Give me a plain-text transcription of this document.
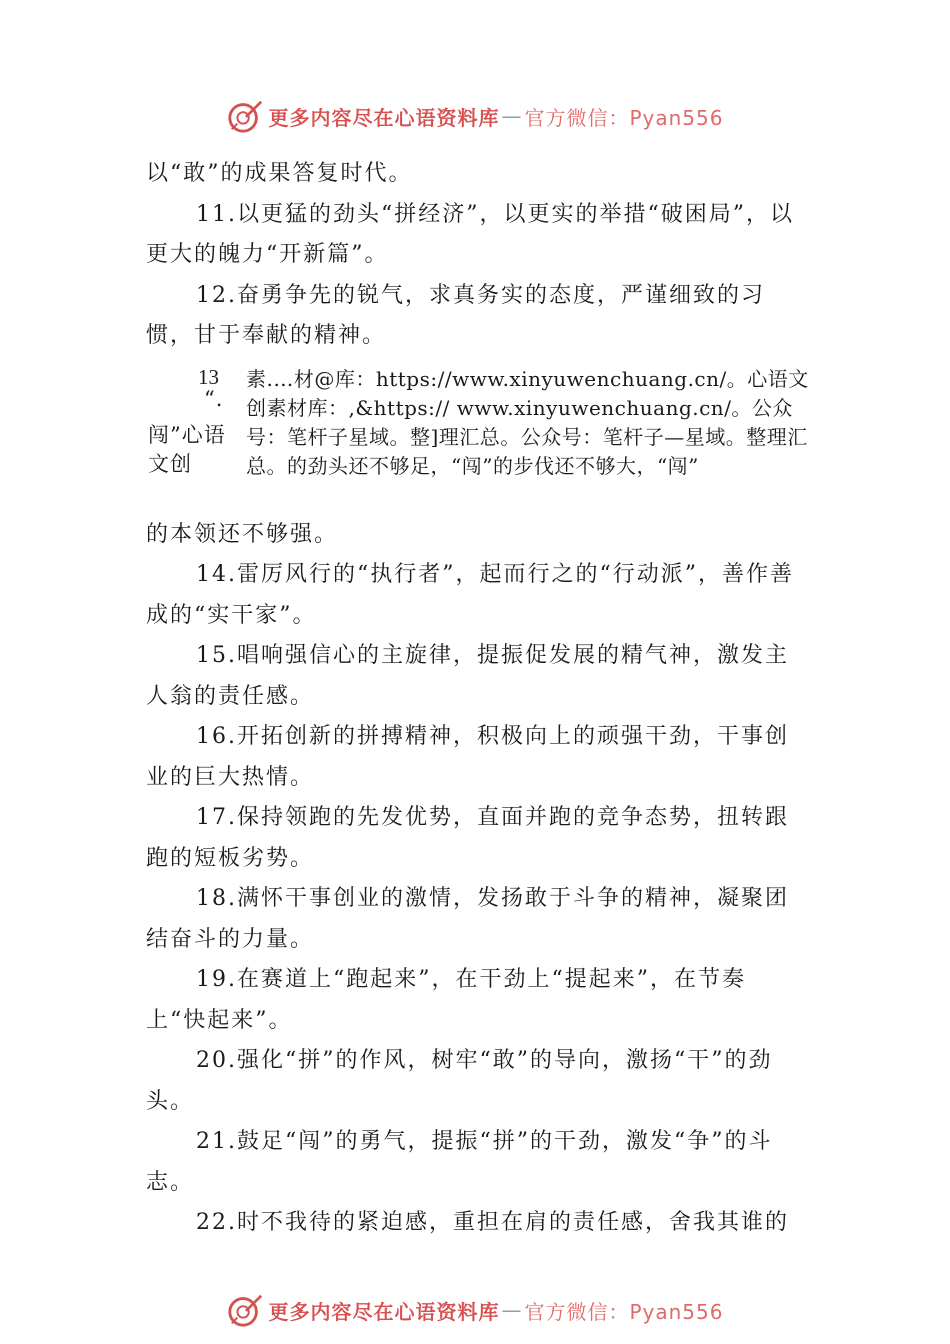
更多内容尽在心语资料库 — 官方微信：Pyan556

以“敢”的成果答复时代。

11.以更猛的劲头“拼经济”，以更实的举措“破困局”，以更大的魄力“开新篇”。

12.奋勇争先的锐气，求真务实的态度，严谨细致的习惯，甘于奉献的精神。

13
“.
闯”心语文创
素.…材@库：https://www.xinyuwenchuang.cn/。心语文创素材库：,&https:// www.xinyuwenchuang.cn/。公众号：笔杆子星域。整]理汇总。公众号：笔杆子—星域。整理汇总。的劲头还不够足，“闯”的步伐还不够大，“闯”

的本领还不够强。

14.雷厉风行的“执行者”，起而行之的“行动派”，善作善成的“实干家”。

15.唱响强信心的主旋律，提振促发展的精气神，激发主人翁的责任感。

16.开拓创新的拼搏精神，积极向上的顽强干劲，干事创业的巨大热情。

17.保持领跑的先发优势，直面并跑的竞争态势，扭转跟跑的短板劣势。

18.满怀干事创业的激情，发扬敢于斗争的精神，凝聚团结奋斗的力量。

19.在赛道上“跑起来”，在干劲上“提起来”，在节奏上“快起来”。

20.强化“拼”的作风，树牢“敢”的导向，激扬“干”的劲头。

21.鼓足“闯”的勇气，提振“拼”的干劲，激发“争”的斗志。

22.时不我待的紧迫感，重担在肩的责任感，舍我其谁的

更多内容尽在心语资料库 — 官方微信：Pyan556
